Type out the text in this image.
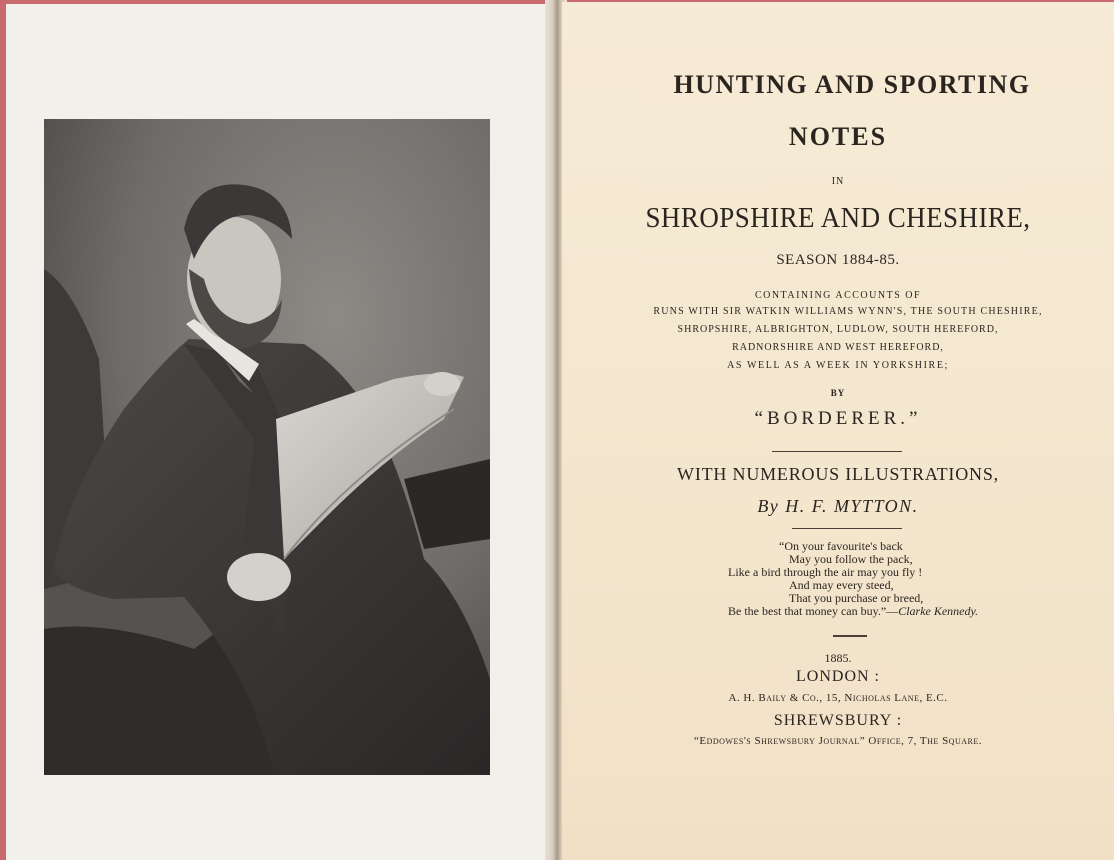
HUNTING AND SPORTING
NOTES
IN
SHROPSHIRE AND CHESHIRE,
SEASON 1884-85.
CONTAINING ACCOUNTS OF
RUNS WITH SIR WATKIN WILLIAMS WYNN'S, THE SOUTH CHESHIRE,
SHROPSHIRE, ALBRIGHTON, LUDLOW, SOUTH HEREFORD,
RADNORSHIRE AND WEST HEREFORD,
AS WELL AS A WEEK IN YORKSHIRE;
BY
“BORDERER.”
WITH NUMEROUS ILLUSTRATIONS,
By H. F. MYTTON.
“On your favourite's back
May you follow the pack,
Like a bird through the air may you fly !
And may every steed,
That you purchase or breed,
Be the best that money can buy.”—Clarke Kennedy.
1885.
LONDON :
A. H. Baily & Co., 15, Nicholas Lane, E.C.
SHREWSBURY :
“Eddowes's Shrewsbury Journal” Office, 7, The Square.
